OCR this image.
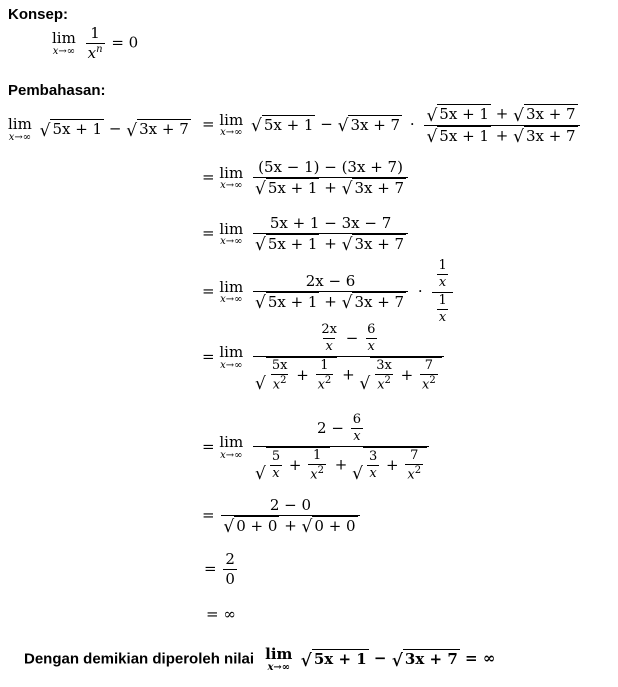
Konsep:
lim
x→∞
$\frac{1}{x^n} = 0$
Pembahasan:
lim
x→∞
√ 5x + 1 − √ 3x + 7 = lim
x→∞
√ 5x + 1 − √ $3x + 7 \cdot \frac{√ 5x + 1 + √ 3x + 7}{√ 5x + 1 + √ 3x + 7}$
= lim
x→∞
$\frac{(5x - 1) - (3x + 7)}{√ 5x + 1 + √ 3x + 7}$
= lim
x→∞
$\frac{5x + 1 - 3x - 7}{√ 5x + 1 + √ 3x + 7}$
= lim
x→∞
$\frac{2x - 6}{√ 5x + 1 + √ 3x + 7} \cdot \frac{\frac{1}{x}}{\frac{1}{x}}$
= lim
x→∞

$\frac{2x}{x} - \frac{6}{x}$
√ $\frac{5x}{x^2} + \frac{1}{x^2}$ +
√ $\frac{3x}{x^2} + \frac{7}{x^2}$
= lim
x→∞

$2 - \frac{6}{x}$
√ $\frac{5}{x} + \frac{1}{x^2}$ +
√ $\frac{3}{x} + \frac{7}{x^2}$
= $\frac{2 - 0}{√ 0 + 0 + √ 0 + 0}$
= $\frac{2}{0}$
= ∞
Dengan demikian diperoleh nilai lim
x→∞
√ 5x + 1 − √ 3x + 7 = ∞
